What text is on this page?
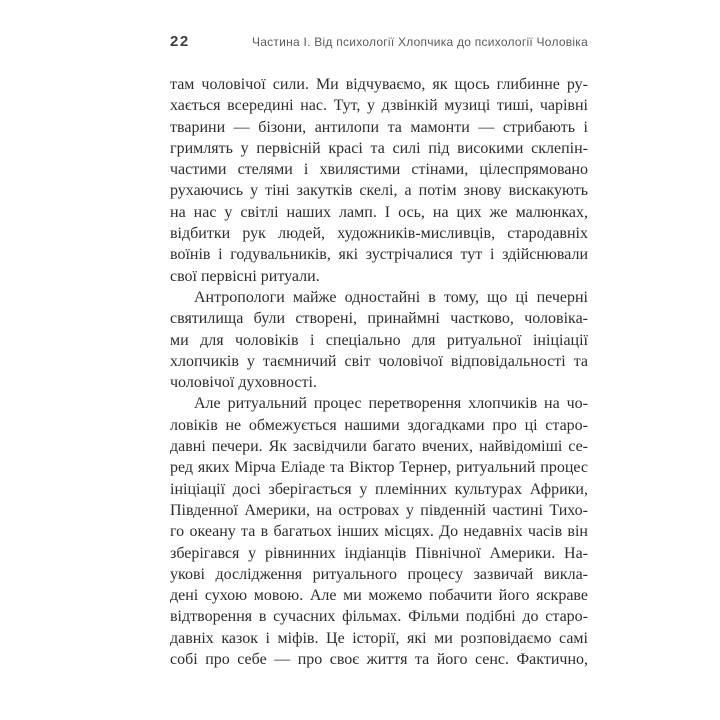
22	Частина І. Від психології Хлопчика до психології Чоловіка

там чоловічої сили. Ми відчуваємо, як щось глибинне ру-
хається всередині нас. Тут, у дзвінкій музиці тиші, чарівні
тварини — бізони, антилопи та мамонти — стрибають і
гримлять у первісній красі та силі під високими склепін-
частими стелями і хвилястими стінами, цілеспрямовано
рухаючись у тіні закутків скелі, а потім знову вискакують
на нас у світлі наших ламп. І ось, на цих же малюнках,
відбитки рук людей, художників-мисливців, стародавніх
воїнів і годувальників, які зустрічалися тут і здійснювали
свої первісні ритуали.

Антропологи майже одностайні в тому, що ці печерні
святилища були створені, принаймні частково, чоловіка-
ми для чоловіків і спеціально для ритуальної ініціації
хлопчиків у таємничий світ чоловічої відповідальності та
чоловічої духовності.

Але ритуальний процес перетворення хлопчиків на чо-
ловіків не обмежується нашими здогадками про ці старо-
давні печери. Як засвідчили багато вчених, найвідоміші се-
ред яких Мірча Еліаде та Віктор Тернер, ритуальний процес
ініціації досі зберігається у племінних культурах Африки,
Південної Америки, на островах у південній частині Тихо-
го океану та в багатьох інших місцях. До недавніх часів він
зберігався у рівнинних індіанців Північної Америки. На-
укові дослідження ритуального процесу зазвичай викла-
дені сухою мовою. Але ми можемо побачити його яскраве
відтворення в сучасних фільмах. Фільми подібні до старо-
давніх казок і міфів. Це історії, які ми розповідаємо самі
собі про себе — про своє життя та його сенс. Фактично,
